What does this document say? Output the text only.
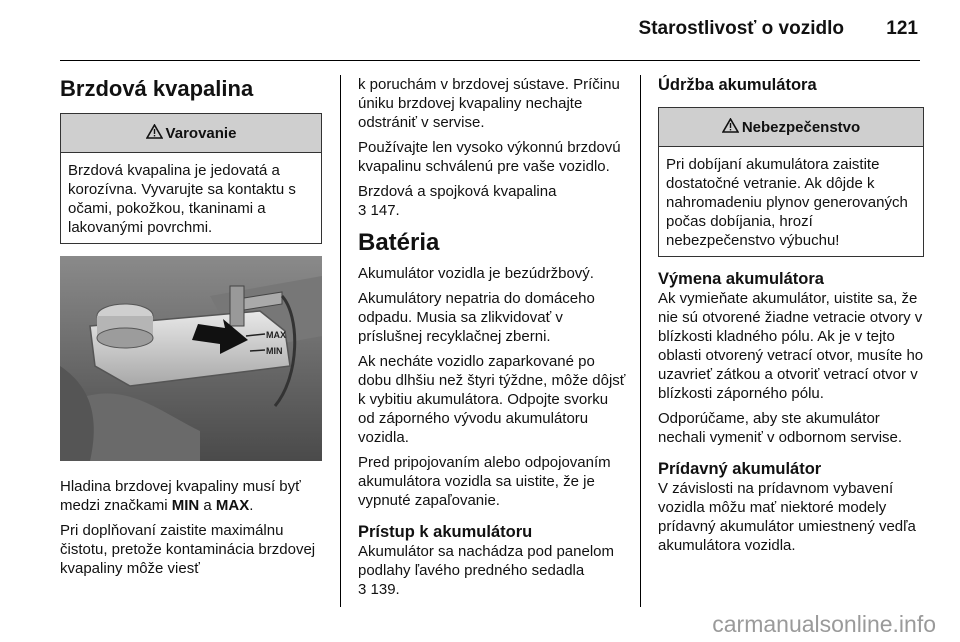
Starostlivosť o vozidlo 121
Brzdová kvapalina
Varovanie
Brzdová kvapalina je jedovatá a korozívna. Vyvarujte sa kontaktu s očami, pokožkou, tkaninami a lakovanými povrchmi.
MAX
MIN

Hladina brzdovej kvapaliny musí byť medzi značkami MIN a MAX.

Pri doplňovaní zaistite maximálnu čistotu, pretože kontaminácia brzdovej kvapaliny môže viesť

k poruchám v brzdovej sústave. Príčinu úniku brzdovej kvapaliny nechajte odstrániť v servise.

Používajte len vysoko výkonnú brzdovú kvapalinu schválenú pre vaše vozidlo.

Brzdová a spojková kvapalina

3 147.

Batéria

Akumulátor vozidla je bezúdržbový.

Akumulátory nepatria do domáceho odpadu. Musia sa zlikvidovať v príslušnej recyklačnej zberni.

Ak necháte vozidlo zaparkované po dobu dlhšiu než štyri týždne, môže dôjsť k vybitiu akumulátora. Odpojte svorku od záporného vývodu akumulátoru vozidla.

Pred pripojovaním alebo odpojovaním akumulátora vozidla sa uistite, že je vypnuté zapaľovanie.

Prístup k akumulátoru

Akumulátor sa nachádza pod panelom podlahy ľavého predného sedadla

3 139.

Údržba akumulátora
Nebezpečenstvo
Pri dobíjaní akumulátora zaistite dostatočné vetranie. Ak dôjde k nahromadeniu plynov generovaných počas dobíjania, hrozí nebezpečenstvo výbuchu!
Výmena akumulátora

Ak vymieňate akumulátor, uistite sa, že nie sú otvorené žiadne vetracie otvory v blízkosti kladného pólu. Ak je v tejto oblasti otvorený vetrací otvor, musíte ho uzavrieť zátkou a otvoriť vetrací otvor v blízkosti záporného pólu.

Odporúčame, aby ste akumulátor nechali vymeniť v odbornom servise.

Prídavný akumulátor

V závislosti na prídavnom vybavení vozidla môžu mať niektoré modely prídavný akumulátor umiestnený vedľa akumulátora vozidla.

carmanualsonline.info
